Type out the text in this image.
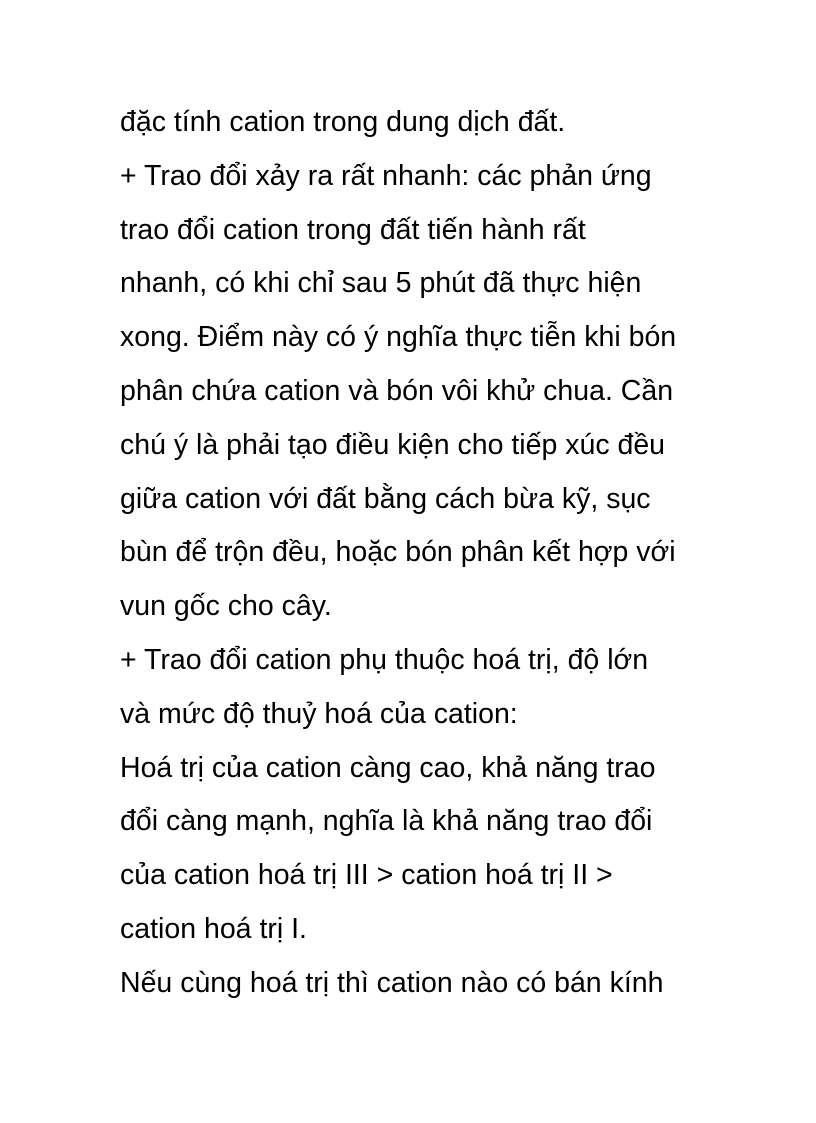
đặc tính cation trong dung dịch đất.
+ Trao đổi xảy ra rất nhanh: các phản ứng
trao đổi cation trong đất tiến hành rất
nhanh, có khi chỉ sau 5 phút đã thực hiện
xong. Điểm này có ý nghĩa thực tiễn khi bón
phân chứa cation và bón vôi khử chua. Cần
chú ý là phải tạo điều kiện cho tiếp xúc đều
giữa cation với đất bằng cách bừa kỹ, sục
bùn để trộn đều, hoặc bón phân kết hợp với
vun gốc cho cây.
+ Trao đổi cation phụ thuộc hoá trị, độ lớn
và mức độ thuỷ hoá của cation:
Hoá trị của cation càng cao, khả năng trao
đổi càng mạnh, nghĩa là khả năng trao đổi
của cation hoá trị III > cation hoá trị II >
cation hoá trị I.
Nếu cùng hoá trị thì cation nào có bán kính
